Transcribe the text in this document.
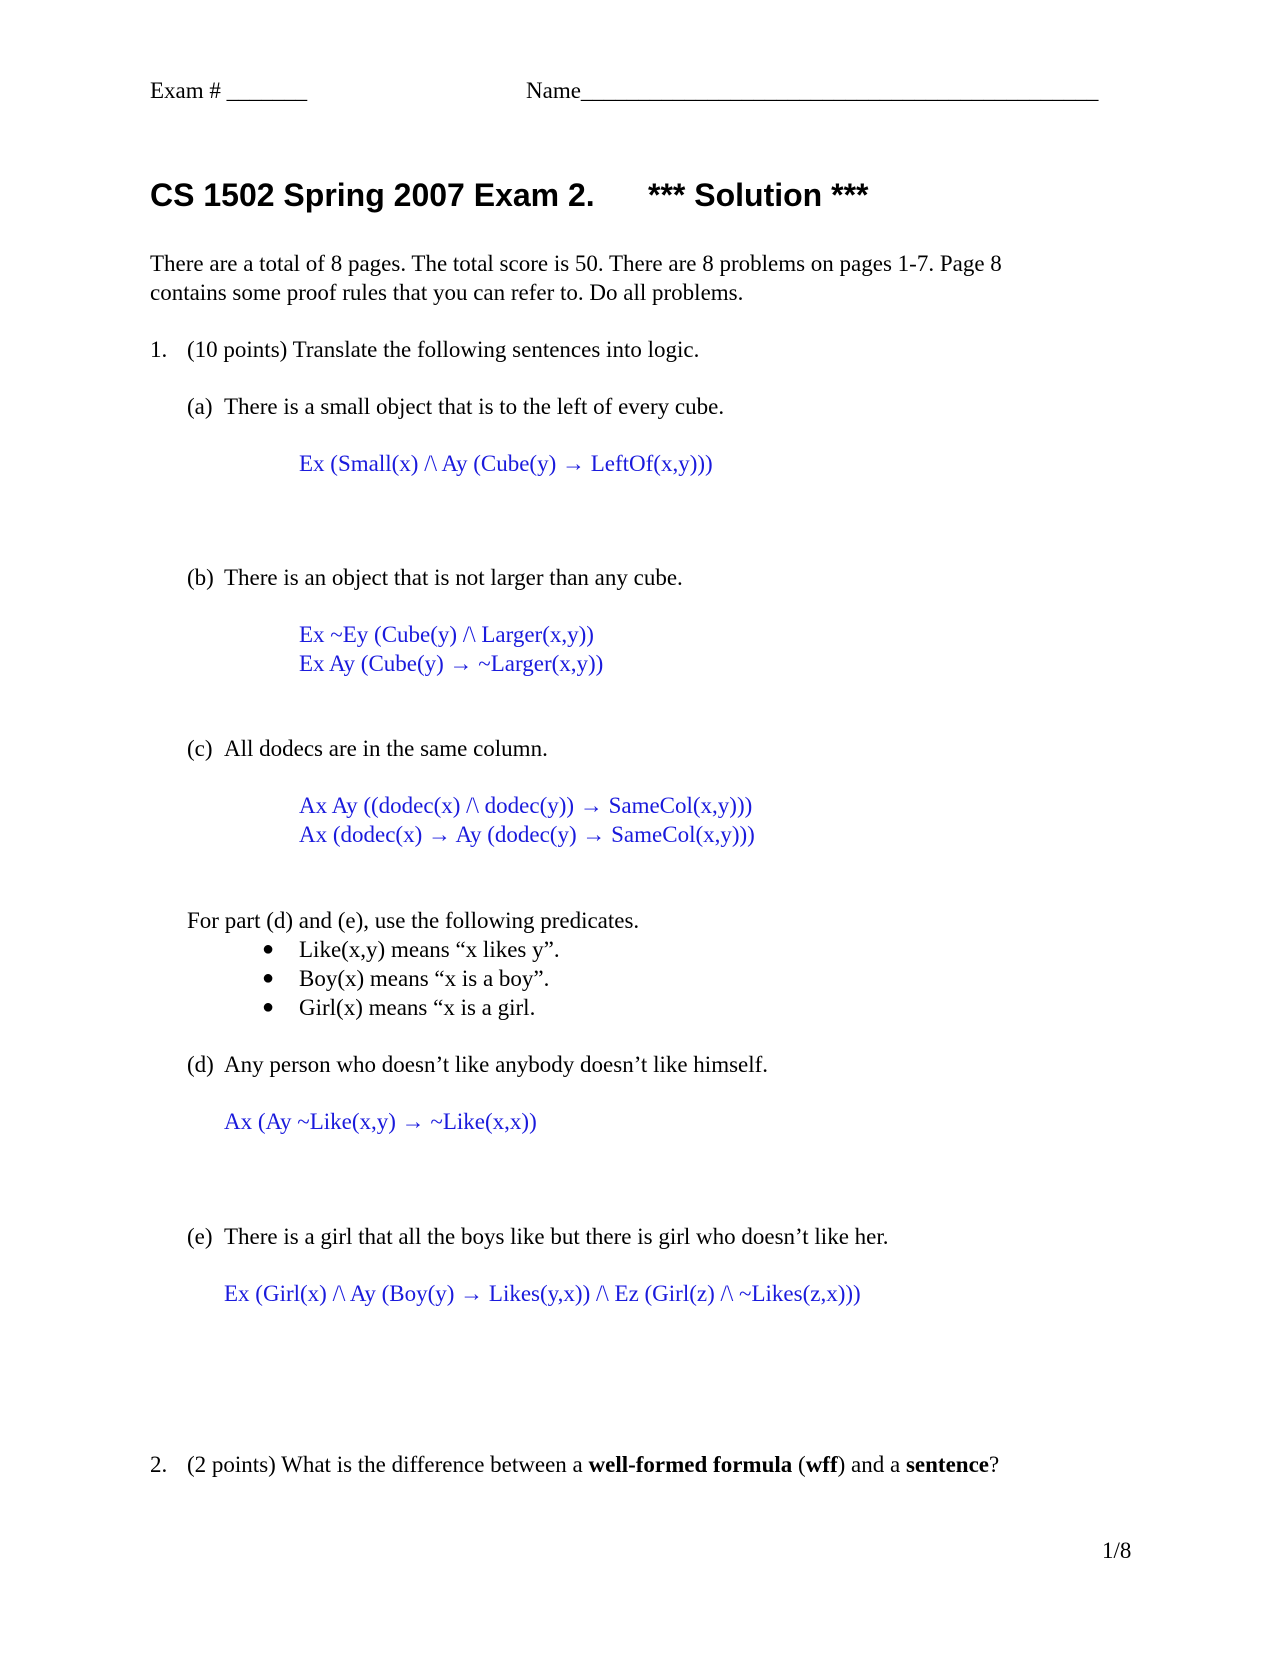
Exam # _______	Name_____________________________________________
CS 1502 Spring 2007 Exam 2. *** Solution ***
There are a total of 8 pages. The total score is 50. There are 8 problems on pages 1-7. Page 8
contains some proof rules that you can refer to. Do all problems.
1. (10 points) Translate the following sentences into logic.
(a) There is a small object that is to the left of every cube.
Ex (Small(x) /\ Ay (Cube(y) → LeftOf(x,y)))
(b) There is an object that is not larger than any cube.
Ex ~Ey (Cube(y) /\ Larger(x,y))
Ex Ay (Cube(y) → ~Larger(x,y))
(c) All dodecs are in the same column.
Ax Ay ((dodec(x) /\ dodec(y)) → SameCol(x,y)))
Ax (dodec(x) → Ay (dodec(y) → SameCol(x,y)))
For part (d) and (e), use the following predicates.
● Like(x,y) means “x likes y”.
● Boy(x) means “x is a boy”.
● Girl(x) means “x is a girl.
(d) Any person who doesn’t like anybody doesn’t like himself.
Ax (Ay ~Like(x,y) → ~Like(x,x))
(e) There is a girl that all the boys like but there is girl who doesn’t like her.
Ex (Girl(x) /\ Ay (Boy(y) → Likes(y,x)) /\ Ez (Girl(z) /\ ~Likes(z,x)))
2. (2 points) What is the difference between a well-formed formula (wff) and a sentence?
1/8
